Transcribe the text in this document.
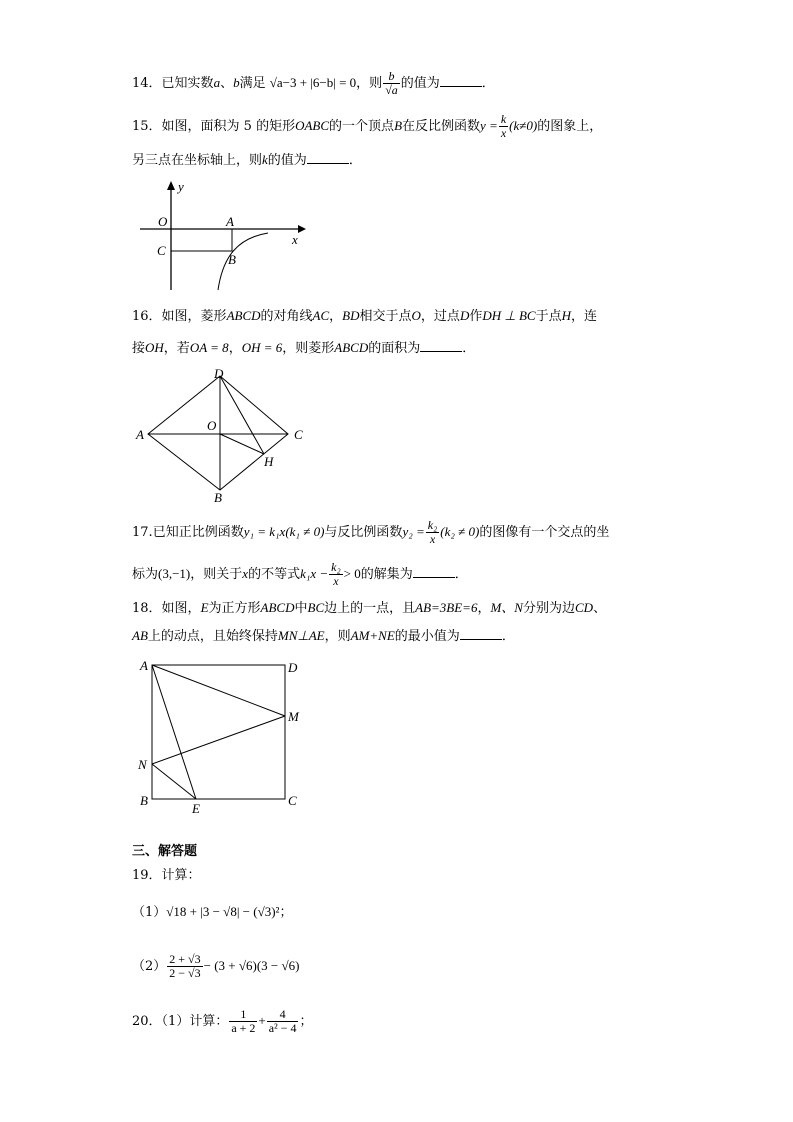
14．已知实数a、b满足 √a−3 + |6−b| = 0，则 $\frac{b}{√a}$ 的值为	．
15．如图，面积为 5 的矩形OABC的一个顶点B在反比例函数$y = \frac{k}{x} (k\ne 0)$的图象上，
另三点在坐标轴上，则k的值为	．
y
O	A
x
C
B
16．如图，菱形ABCD的对角线AC，BD相交于点O，过点D作DH ⊥ BC于点H，连
接OH，若OA = 8，OH = 6，则菱形ABCD的面积为	．
D
A
O
C
H
B
17.已知正比例函数y₁ = k₁x(k₁ ≠ 0)与反比例函数$y_2 = \frac{\text{k₂}}{x} (k_2 \ne 0)$的图像有一个交点的坐
标为(3,−1)，则关于x的不等式$k_1x - \frac{\text{k₂}}{x} > 0$的解集为	．
18．如图，E为正方形ABCD中BC边上的一点，且AB=3BE=6，M、N分别为边CD、
AB上的动点，且始终保持MN⊥AE，则AM+NE的最小值为	．
A	D
M
N
B
E
C
三、解答题
19．计算：
（1）√18 + |3 − √8| − (√3)²；
$(2) \frac{2 + √3}{2 - √3} - (3 + √6)(3 - √6)$
20．（1）计算： $\frac{1}{a + 2} + \frac{4}{\text{a² − 4}}$ ；
